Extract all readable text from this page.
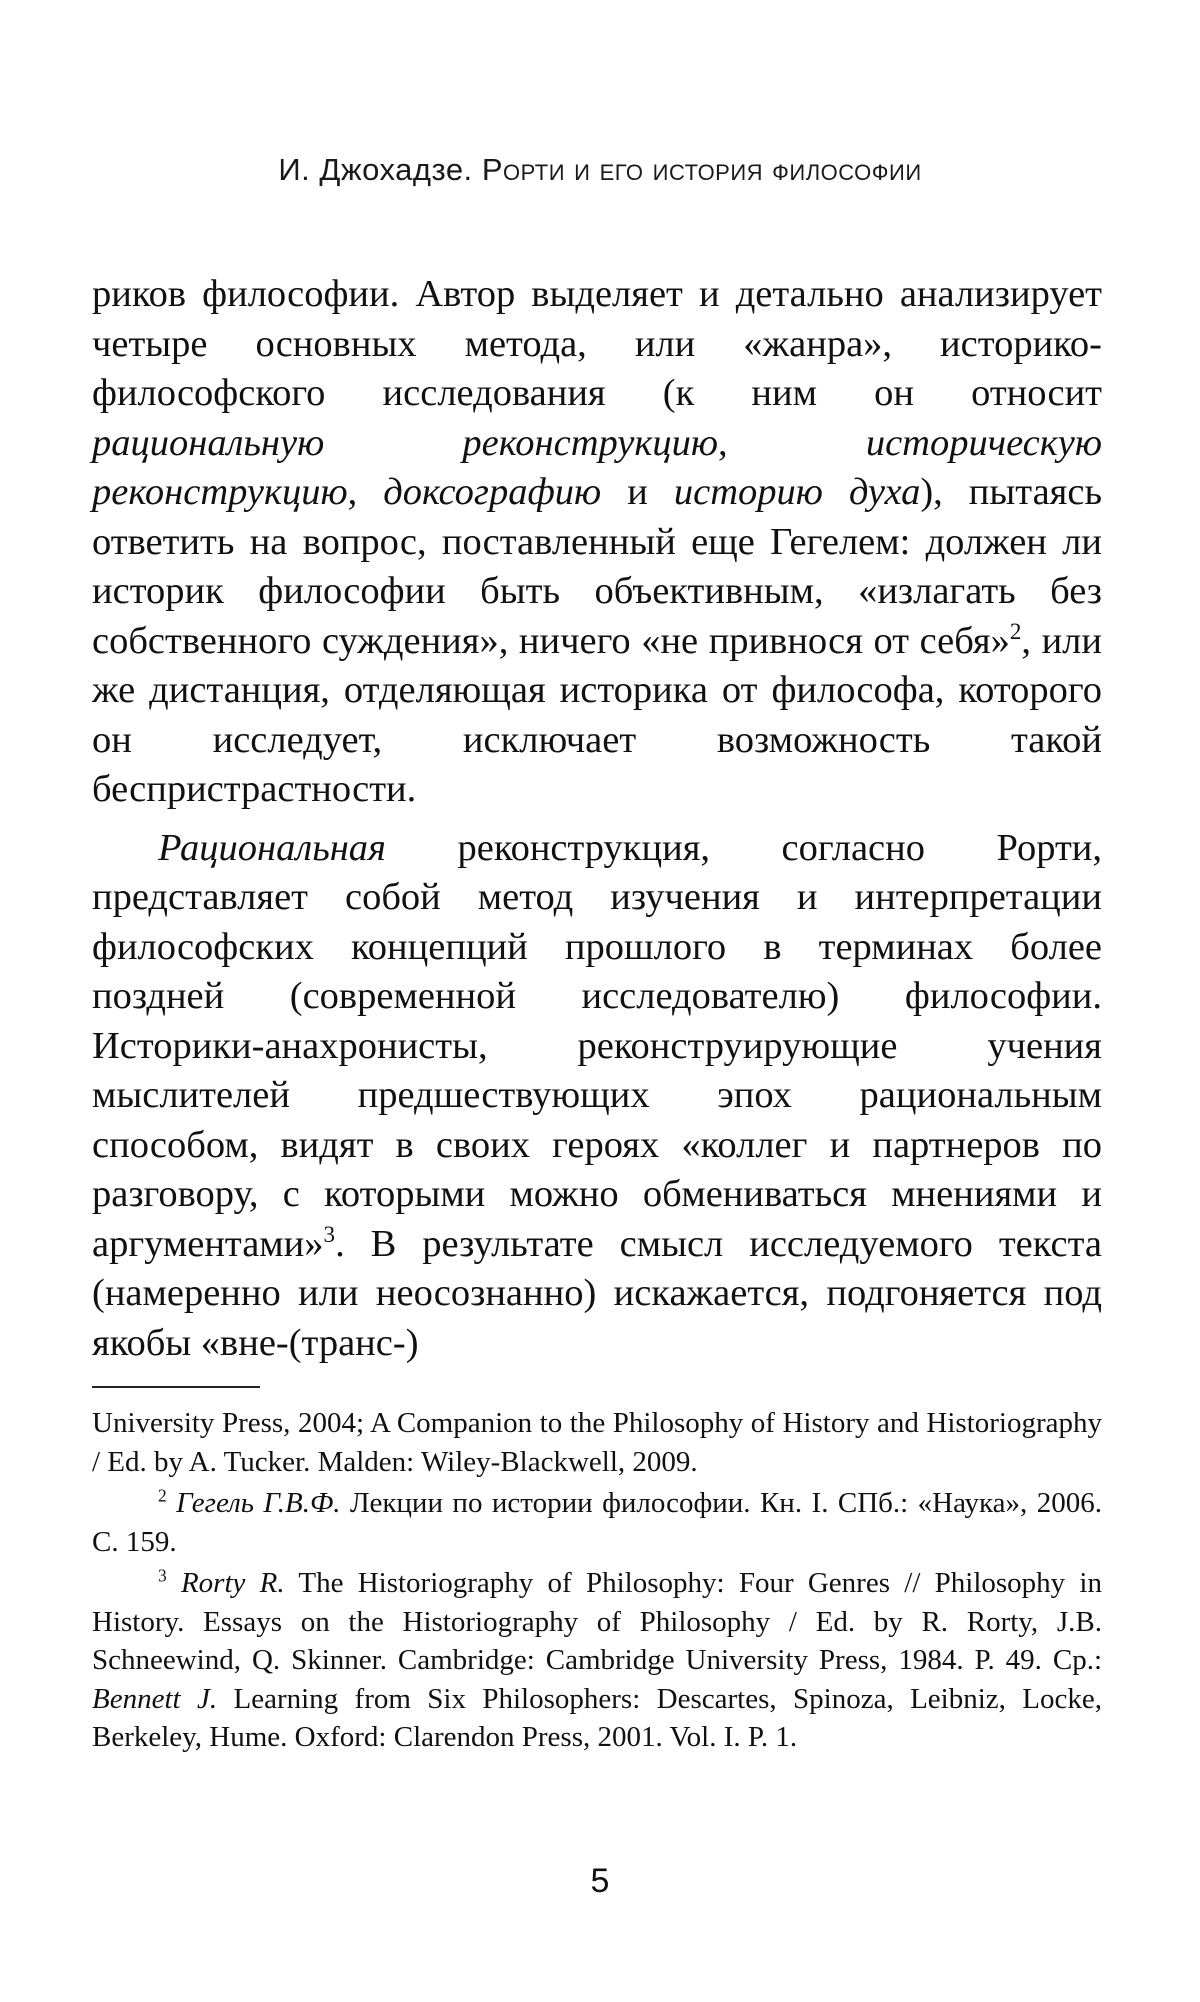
И. Джохадзе. Рорти и его история философии

риков философии. Автор выделяет и детально анализирует четыре основных метода, или «жанра», историко-философского исследования (к ним он относит рациональную реконструкцию, историческую реконструкцию, доксографию и историю духа), пытаясь ответить на вопрос, поставленный еще Гегелем: должен ли историк философии быть объективным, «излагать без собственного суждения», ничего «не привнося от себя»$^2$, или же дистанция, отделяющая историка от философа, которого он исследует, исключает возможность такой беспристрастности.

Рациональная реконструкция, согласно Рорти, представляет собой метод изучения и интерпретации философских концепций прошлого в терминах более поздней (современной исследователю) философии. Историки-анахронисты, реконструирующие учения мыслителей предшествующих эпох рациональным способом, видят в своих героях «коллег и партнеров по разговору, с которыми можно обмениваться мнениями и аргументами»$^3$. В результате смысл исследуемого текста (намеренно или неосознанно) искажается, подгоняется под якобы «вне-(транс-)

University Press, 2004; A Companion to the Philosophy of History and Historiography / Ed. by A. Tucker. Malden: Wiley-Blackwell, 2009.

$^2$ Гегель Г.В.Ф. Лекции по истории философии. Кн. I. СПб.: «Наука», 2006. С. 159.

$^3$ Rorty R. The Historiography of Philosophy: Four Genres // Philosophy in History. Essays on the Historiography of Philosophy / Ed. by R. Rorty, J.B. Schneewind, Q. Skinner. Cambridge: Cambridge University Press, 1984. P. 49. Ср.: Bennett J. Learning from Six Philosophers: Descartes, Spinoza, Leibniz, Locke, Berkeley, Hume. Oxford: Clarendon Press, 2001. Vol. I. P. 1.

5
